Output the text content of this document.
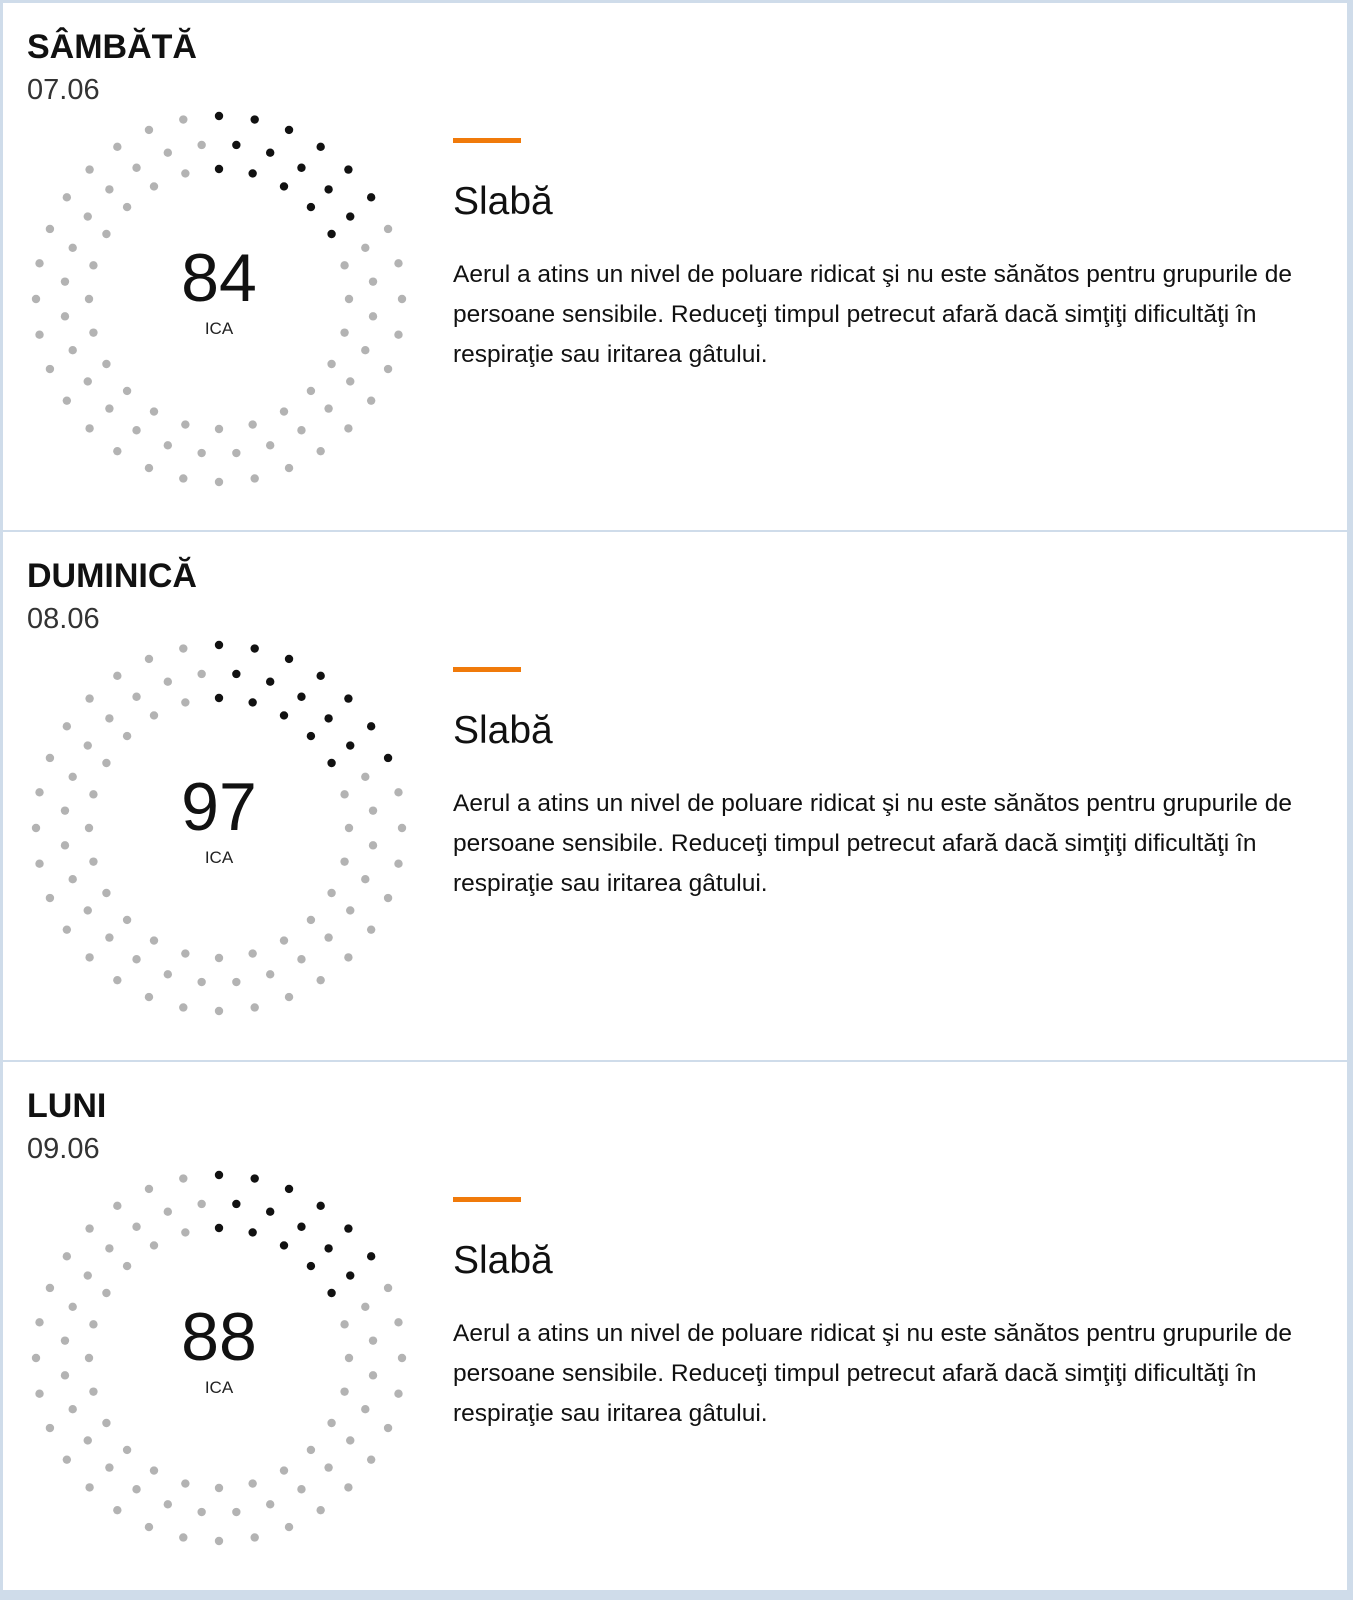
SÂMBĂTĂ
07.06
84
ICA
Slabă
Aerul a atins un nivel de poluare ridicat şi nu este sănătos pentru grupurile de persoane sensibile. Reduceţi timpul petrecut afară dacă simţiţi dificultăţi în respiraţie sau iritarea gâtului.
DUMINICĂ
08.06
97
ICA
Slabă
Aerul a atins un nivel de poluare ridicat şi nu este sănătos pentru grupurile de persoane sensibile. Reduceţi timpul petrecut afară dacă simţiţi dificultăţi în respiraţie sau iritarea gâtului.
LUNI
09.06
88
ICA
Slabă
Aerul a atins un nivel de poluare ridicat şi nu este sănătos pentru grupurile de persoane sensibile. Reduceţi timpul petrecut afară dacă simţiţi dificultăţi în respiraţie sau iritarea gâtului.
